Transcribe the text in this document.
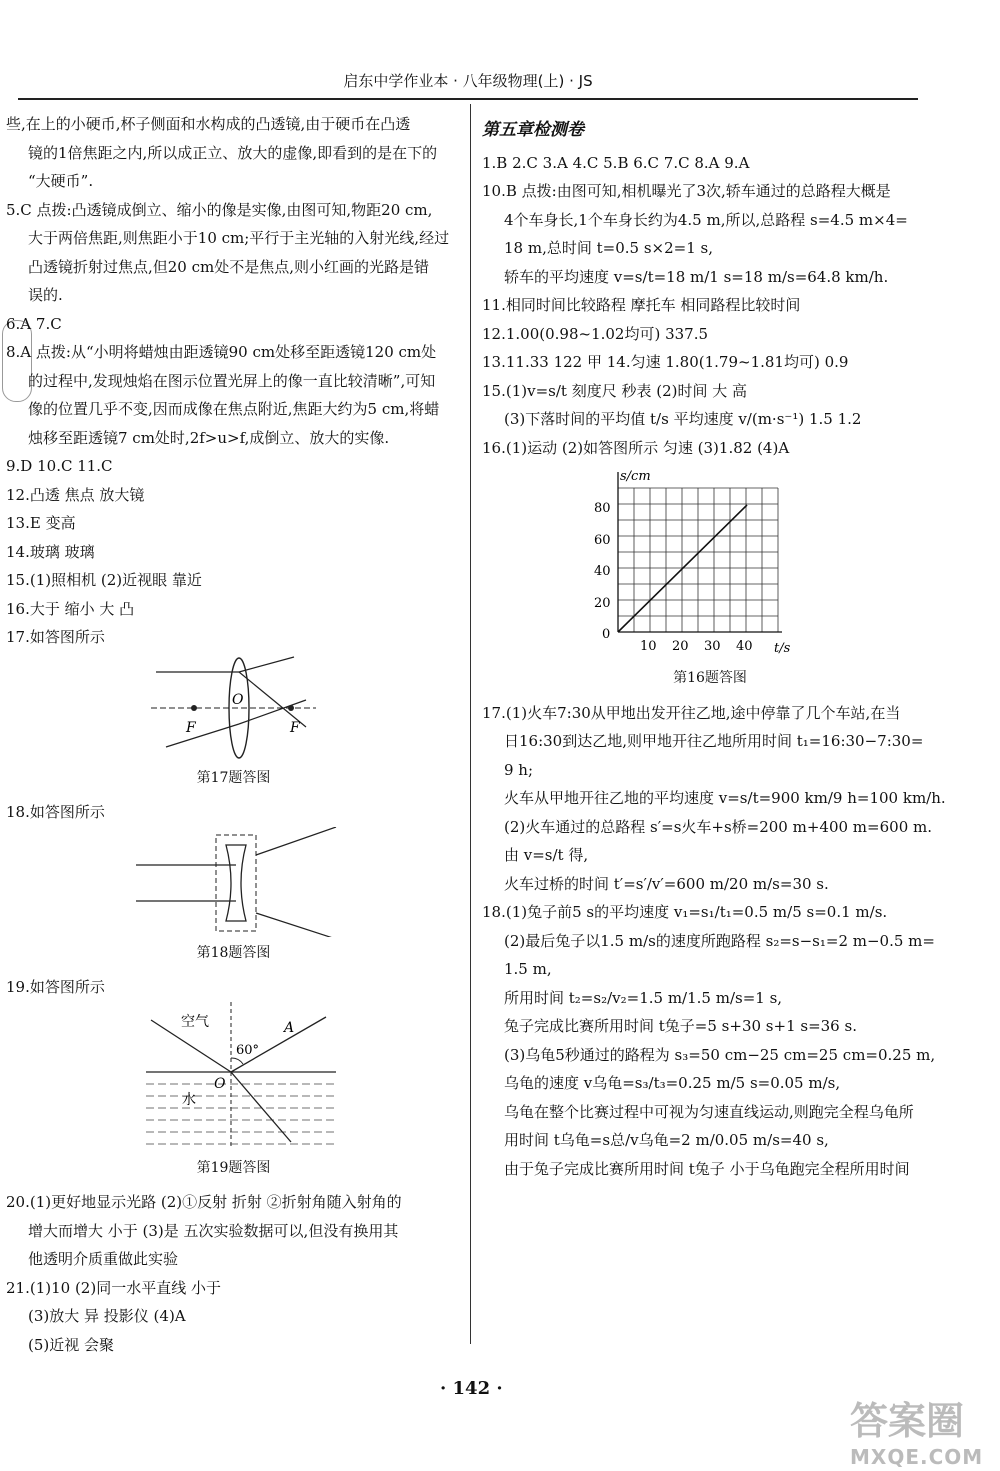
启东中学作业本 · 八年级物理(上) · JS

些,在上的小硬币,杯子侧面和水构成的凸透镜,由于硬币在凸透

镜的1倍焦距之内,所以成正立、放大的虚像,即看到的是在下的

“大硬币”.

5.C 点拨:凸透镜成倒立、缩小的像是实像,由图可知,物距20 cm,

大于两倍焦距,则焦距小于10 cm;平行于主光轴的入射光线,经过

凸透镜折射过焦点,但20 cm处不是焦点,则小红画的光路是错

误的.

6.A 7.C

8.A 点拨:从“小明将蜡烛由距透镜90 cm处移至距透镜120 cm处

的过程中,发现烛焰在图示位置光屏上的像一直比较清晰”,可知

像的位置几乎不变,因而成像在焦点附近,焦距大约为5 cm,将蜡

烛移至距透镜7 cm处时,2f>u>f,成倒立、放大的实像.

9.D 10.C 11.C

12.凸透 焦点 放大镜

13.E 变高

14.玻璃 玻璃

15.(1)照相机 (2)近视眼 靠近

16.大于 缩小 大 凸

17.如答图所示

F
O
F

第17题答图

18.如答图所示

第18题答图

19.如答图所示

空气	A
60°
O
水

第19题答图

20.(1)更好地显示光路 (2)①反射 折射 ②折射角随入射角的

增大而增大 小于 (3)是 五次实验数据可以,但没有换用其

他透明介质重做此实验

21.(1)10 (2)同一水平直线 小于

(3)放大 异 投影仪 (4)A

(5)近视 会聚

第五章检测卷

1.B 2.C 3.A 4.C 5.B 6.C 7.C 8.A 9.A

10.B 点拨:由图可知,相机曝光了3次,轿车通过的总路程大概是

4个车身长,1个车身长约为4.5 m,所以,总路程 s=4.5 m×4=

18 m,总时间 t=0.5 s×2=1 s,

轿车的平均速度 v=s/t=18 m/1 s=18 m/s=64.8 km/h.

11.相同时间比较路程 摩托车 相同路程比较时间

12.1.00(0.98~1.02均可) 337.5

13.11.33 122 甲 14.匀速 1.80(1.79~1.81均可) 0.9

15.(1)v=s/t 刻度尺 秒表 (2)时间 大 高

(3)下落时间的平均值 t/s 平均速度 v/(m·s⁻¹) 1.5 1.2

16.(1)运动 (2)如答图所示 匀速 (3)1.82 (4)A

s/cm
t/s
80
60
40
20
0
10 20 30 40

第16题答图

17.(1)火车7:30从甲地出发开往乙地,途中停靠了几个车站,在当

日16:30到达乙地,则甲地开往乙地所用时间 t₁=16:30−7:30=

9 h;

火车从甲地开往乙地的平均速度 v=s/t=900 km/9 h=100 km/h.

(2)火车通过的总路程 s′=s火车+s桥=200 m+400 m=600 m.

由 v=s/t 得,

火车过桥的时间 t′=s′/v′=600 m/20 m/s=30 s.

18.(1)兔子前5 s的平均速度 v₁=s₁/t₁=0.5 m/5 s=0.1 m/s.

(2)最后兔子以1.5 m/s的速度所跑路程 s₂=s−s₁=2 m−0.5 m=

1.5 m,

所用时间 t₂=s₂/v₂=1.5 m/1.5 m/s=1 s,

兔子完成比赛所用时间 t兔子=5 s+30 s+1 s=36 s.

(3)乌龟5秒通过的路程为 s₃=50 cm−25 cm=25 cm=0.25 m,

乌龟的速度 v乌龟=s₃/t₃=0.25 m/5 s=0.05 m/s,

乌龟在整个比赛过程中可视为匀速直线运动,则跑完全程乌龟所

用时间 t乌龟=s总/v乌龟=2 m/0.05 m/s=40 s,

由于兔子完成比赛所用时间 t兔子 小于乌龟跑完全程所用时间

· 142 ·
答案圈
MXQE.COM
